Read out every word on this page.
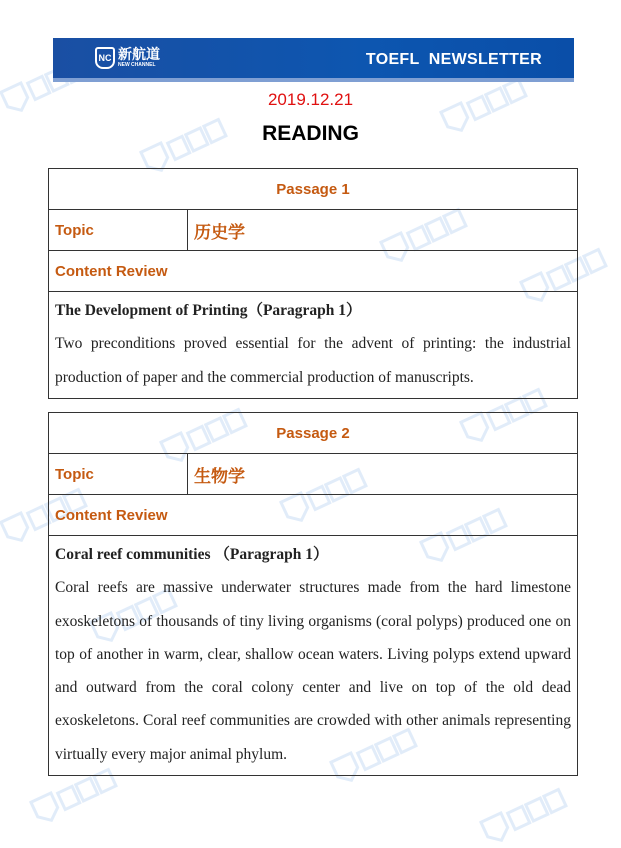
NC 新航道
NEW CHANNEL	TOEFL  NEWSLETTER
2019.12.21
READING
Passage 1
Topic	历史学
Content Review

The Development of Printing（Paragraph 1）
Two preconditions proved essential for the advent of printing: the industrial production of paper and the commercial production of manuscripts.
Passage 2
Topic	生物学
Content Review

Coral reef communities （Paragraph 1）
Coral reefs are massive underwater structures made from the hard limestone exoskeletons of thousands of tiny living organisms (coral polyps) produced one on top of another in warm, clear, shallow ocean waters. Living polyps extend upward and outward from the coral colony center and live on top of the old dead exoskeletons. Coral reef communities are crowded with other animals representing virtually every major animal phylum.
